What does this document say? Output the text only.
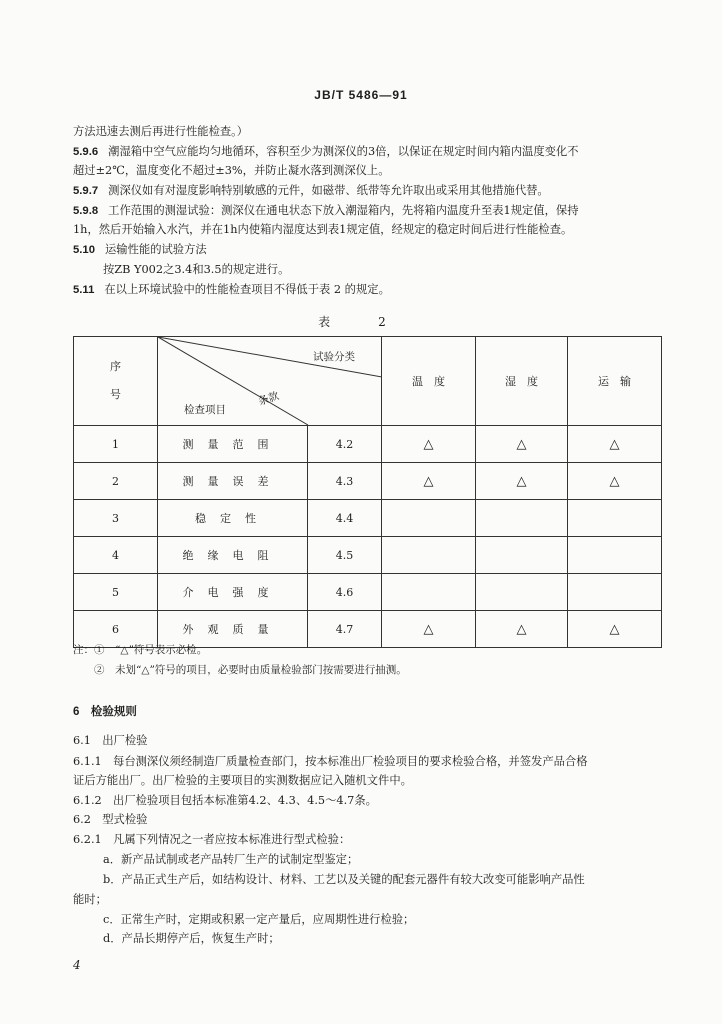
JB/T 5486—91
方法迅速去测后再进行性能检查。）
5.9.6 潮湿箱中空气应能均匀地循环，容积至少为测深仪的3倍，以保证在规定时间内箱内温度变化不
超过±2℃，温度变化不超过±3%，并防止凝水落到测深仪上。
5.9.7 测深仪如有对湿度影响特别敏感的元件，如磁带、纸带等允许取出或采用其他措施代替。
5.9.8 工作范围的测湿试验：测深仪在通电状态下放入潮湿箱内，先将箱内温度升至表1规定值，保持
1h，然后开始输入水汽，并在1h内使箱内湿度达到表1规定值，经规定的稳定时间后进行性能检查。
5.10 运输性能的试验方法
按ZB Y002之3.4和3.5的规定进行。
5.11 在以上环境试验中的性能检查项目不得低于表 2 的规定。
表　2
序号	试验分类
条款
检查项目		温　度	湿　度	运　输
1	测量范围	4.2	△	△	△
2	测量误差	4.3	△	△	△
3	稳定性	4.4			
4	绝缘电阻	4.5			
5	介电强度	4.6			
6	外观质量	4.7	△	△	△
注：①　“△”符号表示必检。
②　未划“△”符号的项目，必要时由质量检验部门按需要进行抽测。
6　检验规则
6.1　出厂检验
6.1.1　每台测深仪须经制造厂质量检查部门，按本标准出厂检验项目的要求检验合格，并签发产品合格
证后方能出厂。出厂检验的主要项目的实测数据应记入随机文件中。
6.1.2　出厂检验项目包括本标准第4.2、4.3、4.5～4.7条。
6.2　型式检验
6.2.1　凡属下列情况之一者应按本标准进行型式检验：
a．新产品试制或老产品转厂生产的试制定型鉴定；
b．产品正式生产后，如结构设计、材料、工艺以及关键的配套元器件有较大改变可能影响产品性
能时；
c．正常生产时，定期或积累一定产量后，应周期性进行检验；
d．产品长期停产后，恢复生产时；
4
